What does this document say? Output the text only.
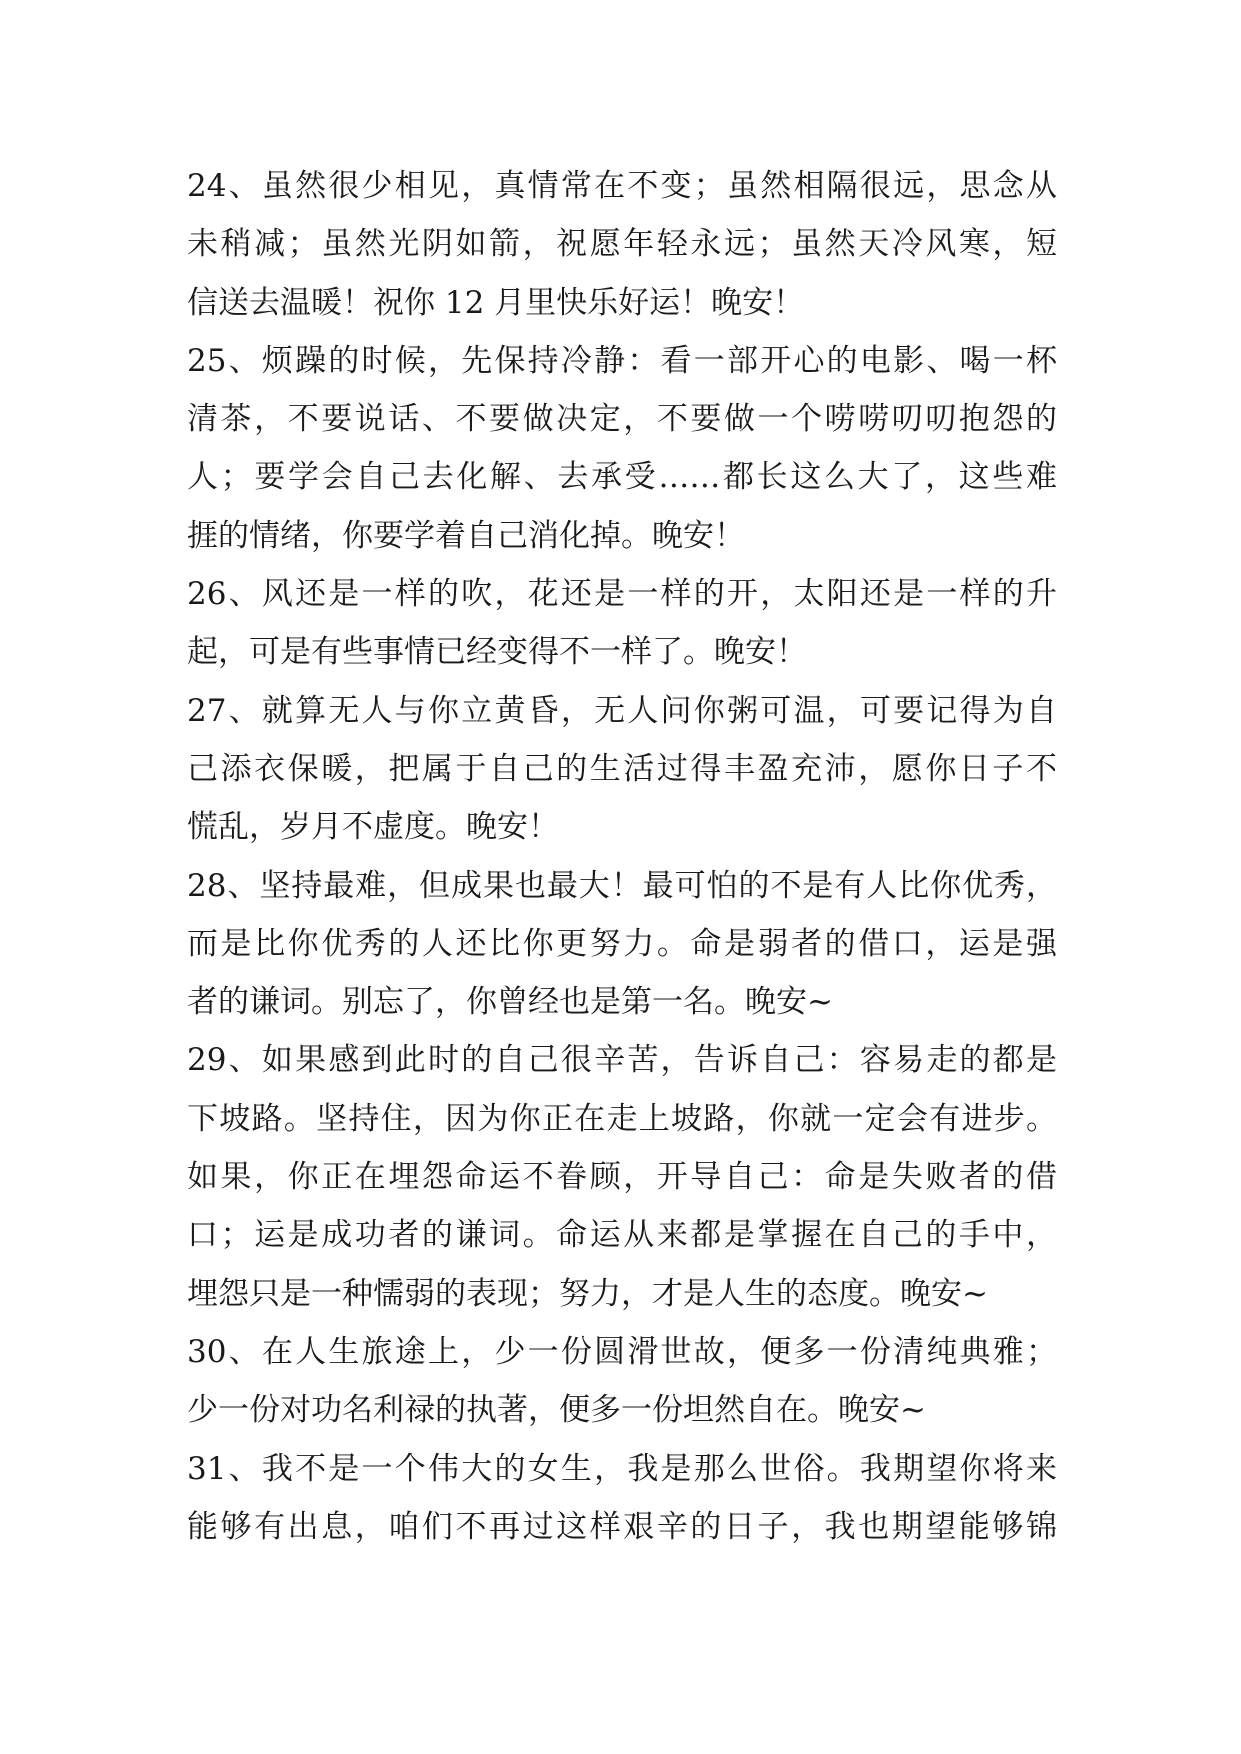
24、虽然很少相见，真情常在不变；虽然相隔很远，思念从
未稍减；虽然光阴如箭，祝愿年轻永远；虽然天冷风寒，短
信送去温暖！祝你 12 月里快乐好运！晚安！
25、烦躁的时候，先保持冷静：看一部开心的电影、喝一杯
清茶，不要说话、不要做决定，不要做一个唠唠叨叨抱怨的
人；要学会自己去化解、去承受……都长这么大了，这些难
捱的情绪，你要学着自己消化掉。晚安！
26、风还是一样的吹，花还是一样的开，太阳还是一样的升
起，可是有些事情已经变得不一样了。晚安！
27、就算无人与你立黄昏，无人问你粥可温，可要记得为自
己添衣保暖，把属于自己的生活过得丰盈充沛，愿你日子不
慌乱，岁月不虚度。晚安！
28、坚持最难，但成果也最大！最可怕的不是有人比你优秀，
而是比你优秀的人还比你更努力。命是弱者的借口，运是强
者的谦词。别忘了，你曾经也是第一名。晚安~
29、如果感到此时的自己很辛苦，告诉自己：容易走的都是
下坡路。坚持住，因为你正在走上坡路，你就一定会有进步。
如果，你正在埋怨命运不眷顾，开导自己：命是失败者的借
口；运是成功者的谦词。命运从来都是掌握在自己的手中，
埋怨只是一种懦弱的表现；努力，才是人生的态度。晚安~
30、在人生旅途上，少一份圆滑世故，便多一份清纯典雅；
少一份对功名利禄的执著，便多一份坦然自在。晚安~
31、我不是一个伟大的女生，我是那么世俗。我期望你将来
能够有出息，咱们不再过这样艰辛的日子，我也期望能够锦
